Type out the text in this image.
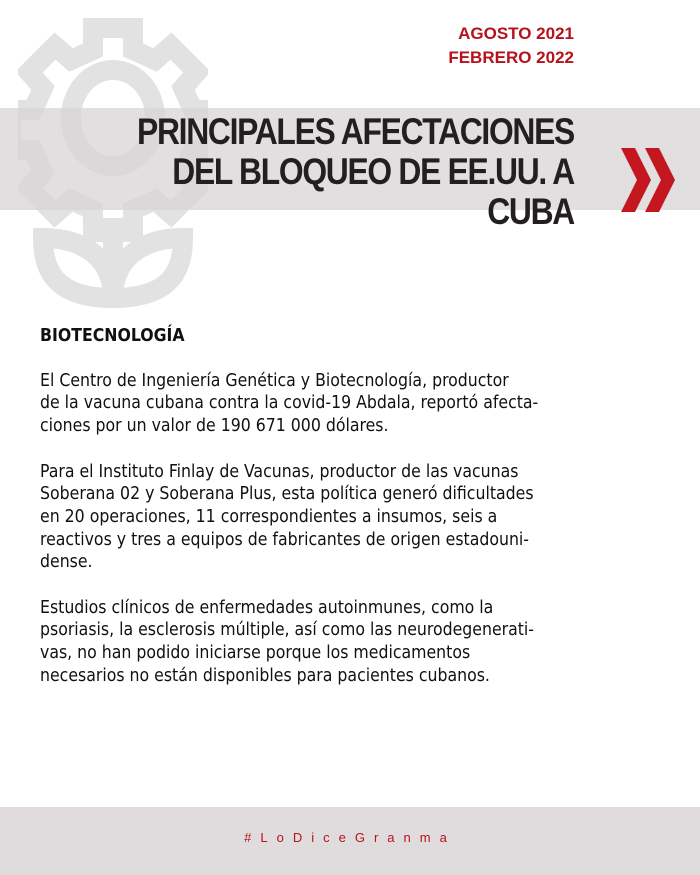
AGOSTO 2021
FEBRERO 2022
PRINCIPALES AFECTACIONES
DEL BLOQUEO DE EE.UU. A CUBA
BIOTECNOLOGÍA

El Centro de Ingeniería Genética y Biotecnología, productor
de la vacuna cubana contra la covid-19 Abdala, reportó afecta-
ciones por un valor de 190 671 000 dólares.

Para el Instituto Finlay de Vacunas, productor de las vacunas
Soberana 02 y Soberana Plus, esta política generó dificultades
en 20 operaciones, 11 correspondientes a insumos, seis a
reactivos y tres a equipos de fabricantes de origen estadouni-
dense.

Estudios clínicos de enfermedades autoinmunes, como la
psoriasis, la esclerosis múltiple, así como las neurodegenerati-
vas, no han podido iniciarse porque los medicamentos
necesarios no están disponibles para pacientes cubanos.

#LoDiceGranma
